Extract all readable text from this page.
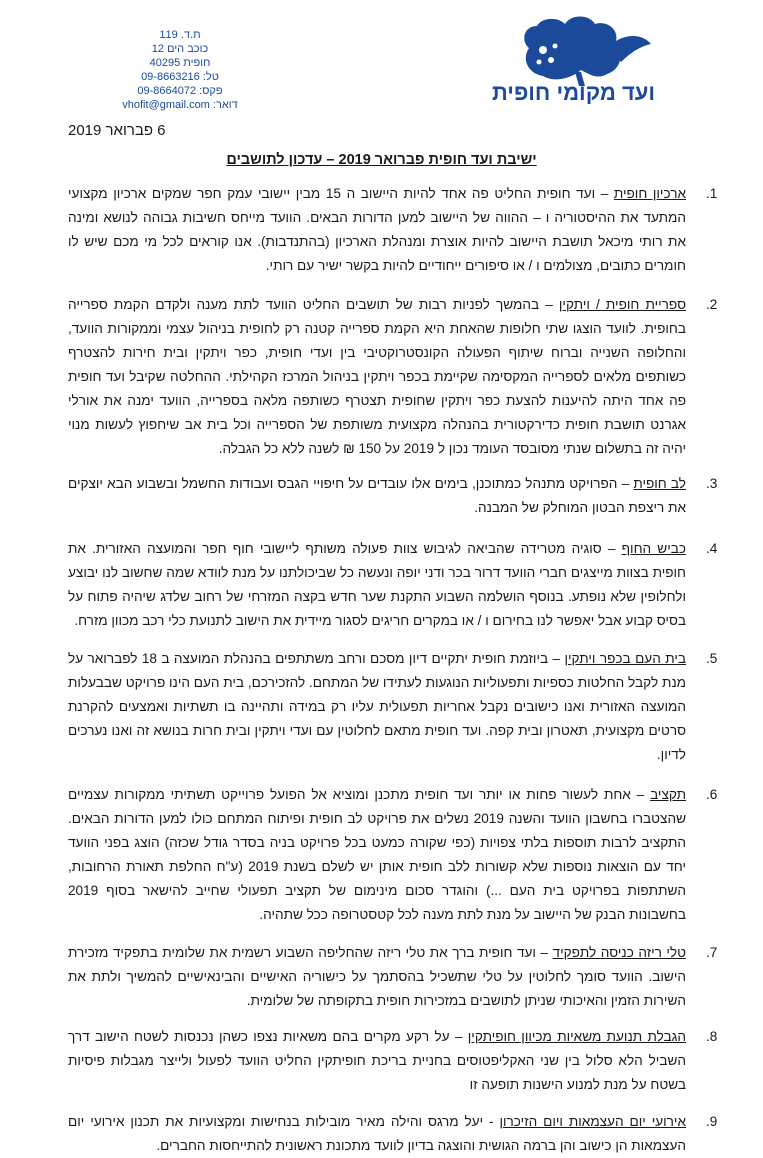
ועד מקומי חופית
ת.ד. 119
כוכב הים 12
חופית 40295
טל: 09-8663216
פקס: 09-8664072
דואר: vhofit@gmail.com
6 פברואר 2019
ישיבת ועד חופית פברואר 2019 – עדכון לתושבים
1.
ארכיון חופית – ועד חופית החליט פה אחד להיות היישוב ה 15 מבין יישובי עמק חפר שמקים ארכיון מקצועי המתעד את ההיסטוריה ו – ההווה של היישוב למען הדורות הבאים. הוועד מייחס חשיבות גבוהה לנושא ומינה את רותי מיכאל תושבת היישוב להיות אוצרת ומנהלת הארכיון (בהתנדבות). אנו קוראים לכל מי מכם שיש לו חומרים כתובים, מצולמים ו / או סיפורים ייחודיים להיות בקשר ישיר עם רותי.
2.
ספריית חופית / ויתקין – בהמשך לפניות רבות של תושבים החליט הוועד לתת מענה ולקדם הקמת ספרייה בחופית. לוועד הוצגו שתי חלופות שהאחת היא הקמת ספרייה קטנה רק לחופית בניהול עצמי וממקורות הוועד, והחלופה השנייה וברוח שיתוף הפעולה הקונסטרוקטיבי בין ועדי חופית, כפר ויתקין ובית חירות להצטרף כשותפים מלאים לספרייה המקסימה שקיימת בכפר ויתקין בניהול המרכז הקהילתי. ההחלטה שקיבל ועד חופית פה אחד היתה להיענות להצעת כפר ויתקין שחופית תצטרף כשותפה מלאה בספרייה, הוועד ימנה את אורלי אגרנט תושבת חופית כדירקטורית בהנהלה מקצועית משותפת של הספרייה וכל בית אב שיחפוץ לעשות מנוי יהיה זה בתשלום שנתי מסובסד העומד נכון ל 2019 על 150 ₪ לשנה ללא כל הגבלה.
3.
לב חופית – הפרויקט מתנהל כמתוכנן, בימים אלו עובדים על חיפויי הגבס ועבודות החשמל ובשבוע הבא יוצקים את ריצפת הבטון המוחלק של המבנה.
4.
כביש החוף – סוגיה מטרידה שהביאה לגיבוש צוות פעולה משותף ליישובי חוף חפר והמועצה האזורית. את חופית בצוות מייצגים חברי הוועד דרור בכר ודני יופה ונעשה כל שביכולתנו על מנת לוודא שמה שחשוב לנו יבוצע ולחלופין שלא נופתע. בנוסף הושלמה השבוע התקנת שער חדש בקצה המזרחי של רחוב שלדג שיהיה פתוח על בסיס קבוע אבל יאפשר לנו בחירום ו / או במקרים חריגים לסגור מיידית את הישוב לתנועת כלי רכב מכוון מזרח.
5.
בית העם בכפר ויתקין – ביוזמת חופית יתקיים דיון מסכם ורחב משתתפים בהנהלת המועצה ב 18 לפברואר על מנת לקבל החלטות כספיות ותפעוליות הנוגעות לעתידו של המתחם. להזכירכם, בית העם הינו פרויקט שבבעלות המועצה האזורית ואנו כישובים נקבל אחריות תפעולית עליו רק במידה ותהיינה בו תשתיות ואמצעים להקרנת סרטים מקצועית, תאטרון ובית קפה. ועד חופית מתאם לחלוטין עם ועדי ויתקין ובית חרות בנושא זה ואנו נערכים לדיון.
6.
תקציב – אחת לעשור פחות או יותר ועד חופית מתכנן ומוציא אל הפועל פרוייקט תשתיתי ממקורות עצמיים שהצטברו בחשבון הוועד והשנה 2019 נשלים את פרויקט לב חופית ופיתוח המתחם כולו למען הדורות הבאים. התקציב לרבות תוספות בלתי צפויות (כפי שקורה כמעט בכל פרויקט בניה בסדר גודל שכזה) הוצג בפני הוועד יחד עם הוצאות נוספות שלא קשורות ללב חופית אותן יש לשלם בשנת 2019 (ע"ח החלפת תאורת הרחובות, השתתפות בפרויקט בית העם ...) והוגדר סכום מינימום של תקציב תפעולי שחייב להישאר בסוף 2019 בחשבונות הבנק של היישוב על מנת לתת מענה לכל קטסטרופה ככל שתהיה.
7.
טלי ריזה כניסה לתפקיד – ועד חופית ברך את טלי ריזה שהחליפה השבוע רשמית את שלומית בתפקיד מזכירת הישוב. הוועד סומך לחלוטין על טלי שתשכיל בהסתמך על כישוריה האישיים והבינאישיים להמשיך ולתת את השירות הזמין והאיכותי שניתן לתושבים במזכירות חופית בתקופתה של שלומית.
8.
הגבלת תנועת משאיות מכיוון חופיתקין – על רקע מקרים בהם משאיות נצפו כשהן נכנסות לשטח הישוב דרך השביל הלא סלול בין שני האקליפטוסים בחניית בריכת חופיתקין החליט הוועד לפעול ולייצר מגבלות פיסיות בשטח על מנת למנוע הישנות תופעה זו
9.
אירועי יום העצמאות ויום הזיכרון - יעל מרגס והילה מאיר מובילות בנחישות ומקצועיות את תכנון אירועי יום העצמאות הן כישוב והן ברמה הגושית והוצגה בדיון לוועד מתכונת ראשונית להתייחסות החברים.
